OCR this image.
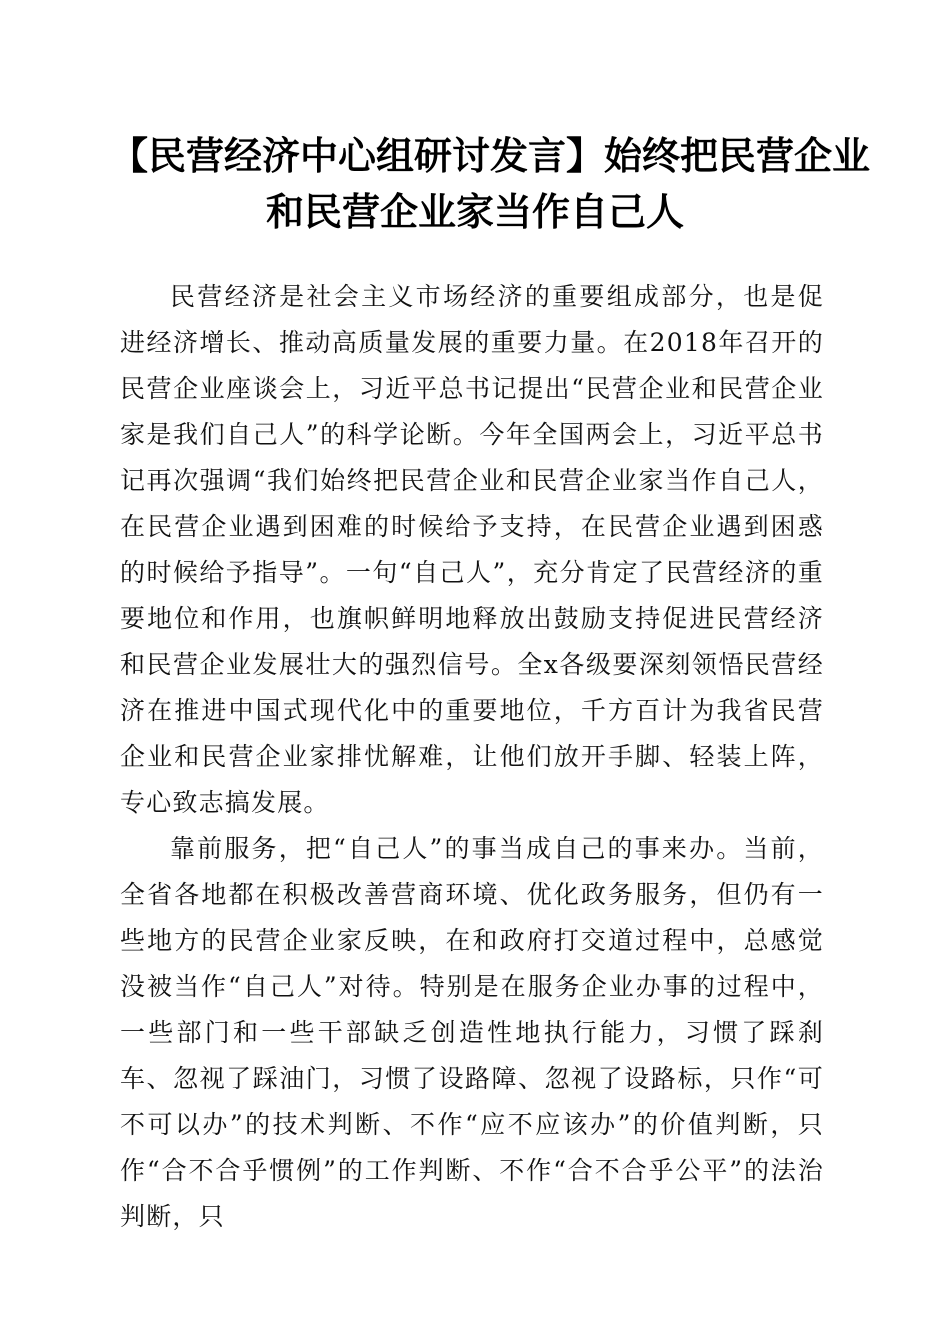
【民营经济中心组研讨发言】始终把民营企业
和民营企业家当作自己人

民营经济是社会主义市场经济的重要组成部分，也是促进经济增长、推动高质量发展的重要力量。在2018年召开的民营企业座谈会上，习近平总书记提出“民营企业和民营企业家是我们自己人”的科学论断。今年全国两会上，习近平总书记再次强调“我们始终把民营企业和民营企业家当作自己人，在民营企业遇到困难的时候给予支持，在民营企业遇到困惑的时候给予指导”。一句“自己人”，充分肯定了民营经济的重要地位和作用，也旗帜鲜明地释放出鼓励支持促进民营经济和民营企业发展壮大的强烈信号。全x各级要深刻领悟民营经济在推进中国式现代化中的重要地位，千方百计为我省民营企业和民营企业家排忧解难，让他们放开手脚、轻装上阵，专心致志搞发展。

靠前服务，把“自己人”的事当成自己的事来办。当前，全省各地都在积极改善营商环境、优化政务服务，但仍有一些地方的民营企业家反映，在和政府打交道过程中，总感觉没被当作“自己人”对待。特别是在服务企业办事的过程中，一些部门和一些干部缺乏创造性地执行能力，习惯了踩刹车、忽视了踩油门，习惯了设路障、忽视了设路标，只作“可不可以办”的技术判断、不作“应不应该办”的价值判断，只作“合不合乎惯例”的工作判断、不作“合不合乎公平”的法治判断，只
